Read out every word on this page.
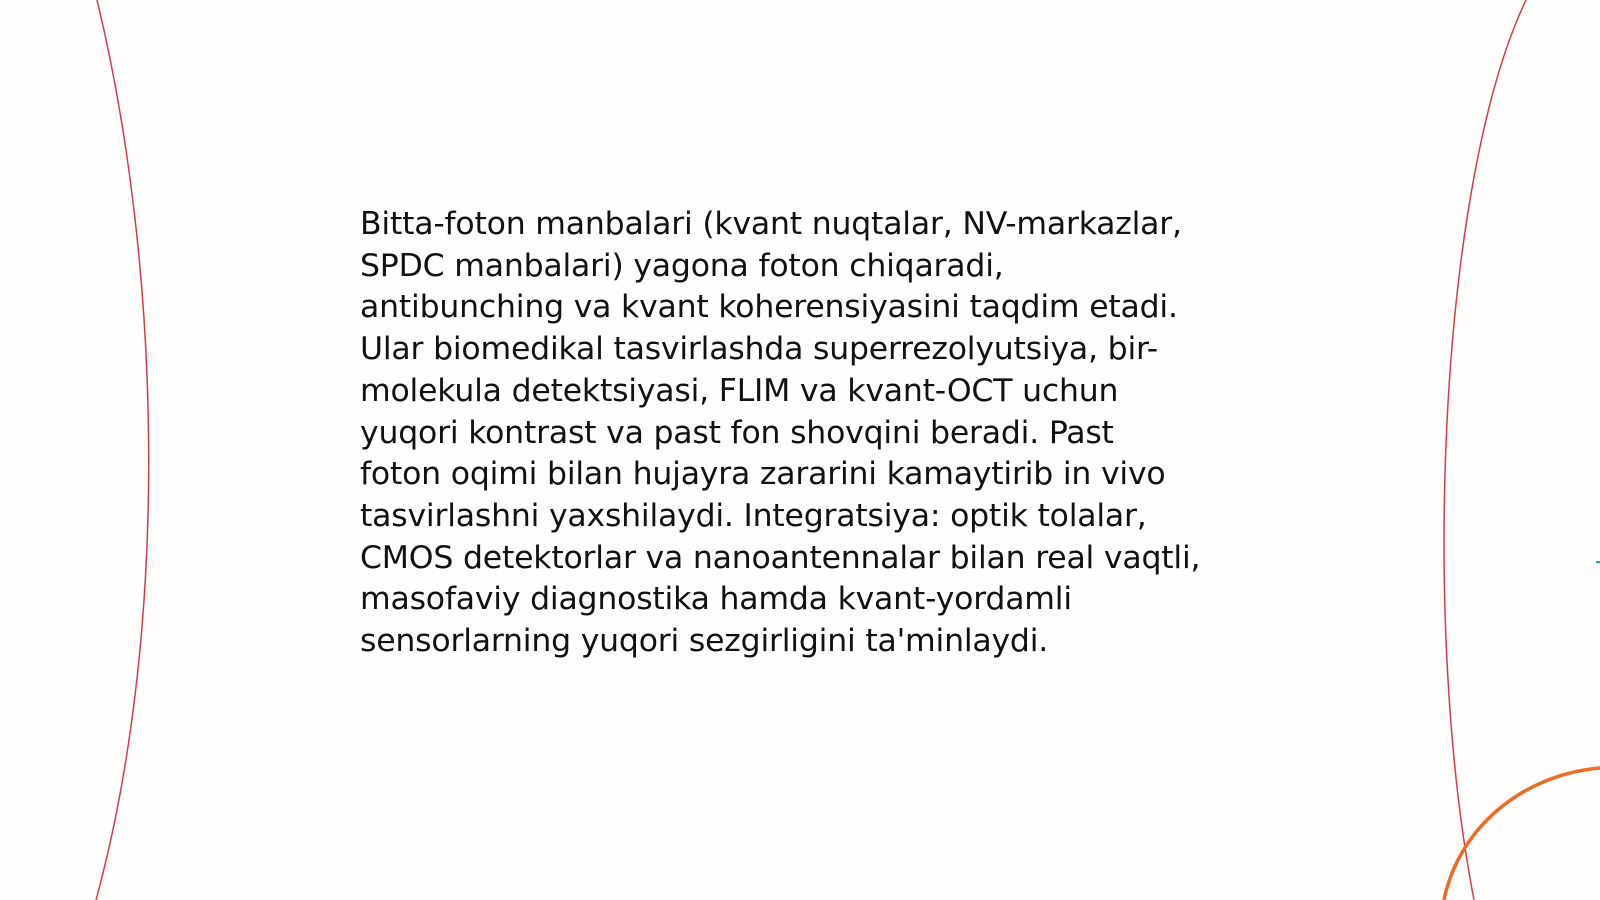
Bitta-foton manbalari (kvant nuqtalar, NV-markazlar,
SPDC manbalari) yagona foton chiqaradi,
antibunching va kvant koherensiyasini taqdim etadi.
Ular biomedikal tasvirlashda superrezolyutsiya, bir-
molekula detektsiyasi, FLIM va kvant-OCT uchun
yuqori kontrast va past fon shovqini beradi. Past
foton oqimi bilan hujayra zararini kamaytirib in vivo
tasvirlashni yaxshilaydi. Integratsiya: optik tolalar,
CMOS detektorlar va nanoantennalar bilan real vaqtli,
masofaviy diagnostika hamda kvant-yordamli
sensorlarning yuqori sezgirligini ta'minlaydi.
